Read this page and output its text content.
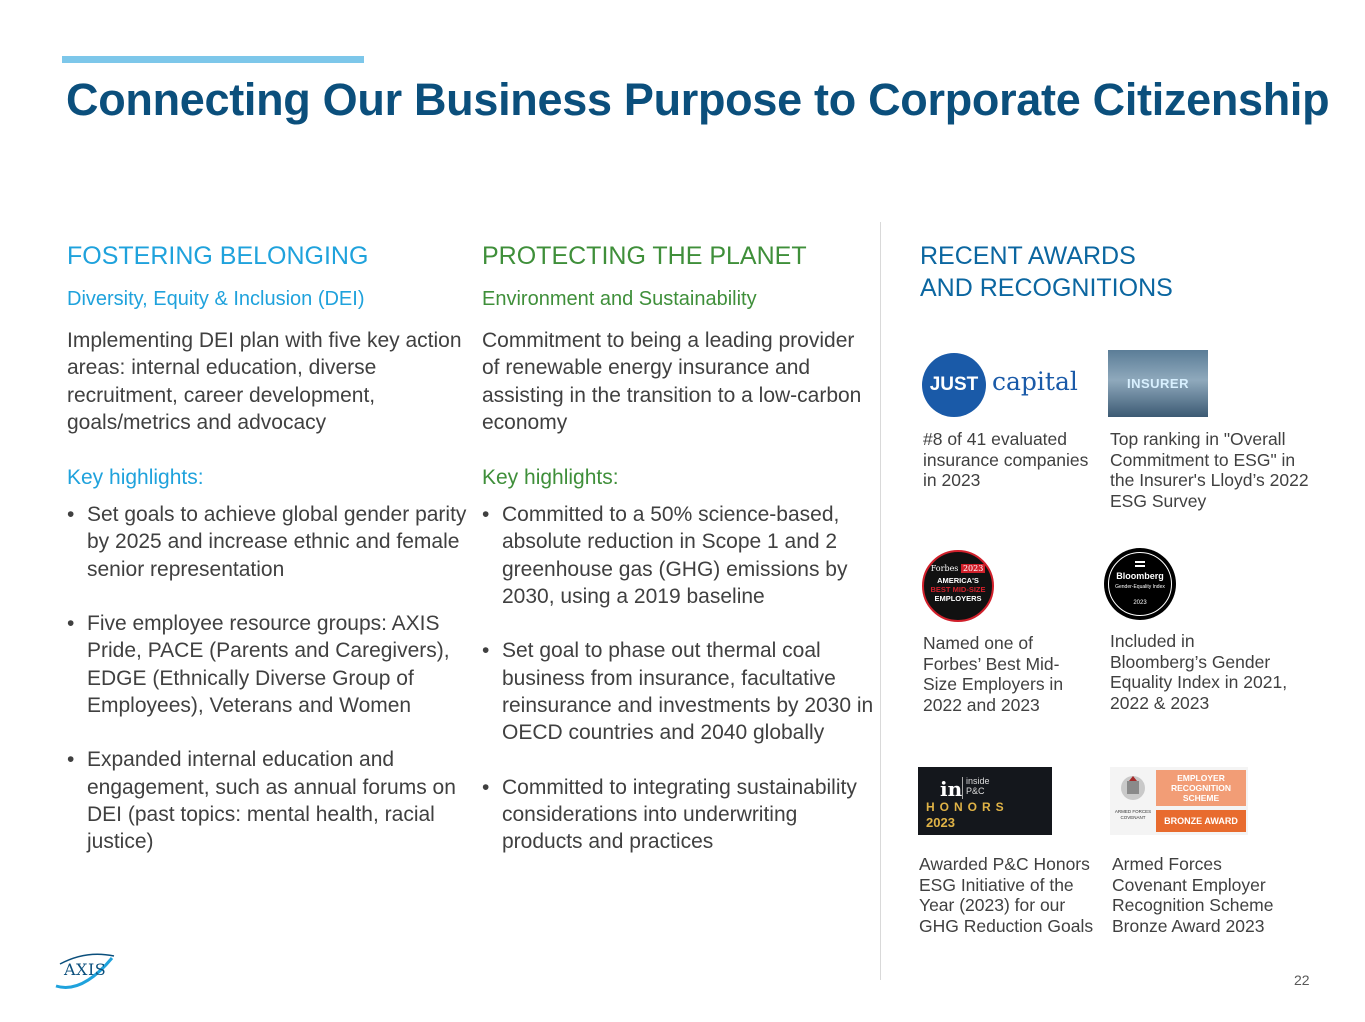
Connecting Our Business Purpose to Corporate Citizenship

FOSTERING BELONGING

Diversity, Equity & Inclusion (DEI)

Implementing DEI plan with five key action areas: internal education, diverse recruitment, career development, goals/metrics and advocacy

Key highlights:

• Set goals to achieve global gender parity by 2025 and increase ethnic and female senior representation
• Five employee resource groups: AXIS Pride, PACE (Parents and Caregivers), EDGE (Ethnically Diverse Group of Employees), Veterans and Women
• Expanded internal education and engagement, such as annual forums on DEI (past topics: mental health, racial justice)

PROTECTING THE PLANET

Environment and Sustainability

Commitment to being a leading provider of renewable energy insurance and assisting in the transition to a low-carbon economy

Key highlights:

• Committed to a 50% science-based, absolute reduction in Scope 1 and 2 greenhouse gas (GHG) emissions by 2030, using a 2019 baseline
• Set goal to phase out thermal coal business from insurance, facultative reinsurance and investments by 2030 in OECD countries and 2040 globally
• Committed to integrating sustainability considerations into underwriting products and practices

RECENT AWARDS
AND RECOGNITIONS

JUST capital

#8 of 41 evaluated insurance companies in 2023

INSURER

Top ranking in "Overall Commitment to ESG" in the Insurer's Lloyd’s 2022 ESG Survey

Forbes 2023
AMERICA'S
BEST MID-SIZE
EMPLOYERS

Named one of Forbes’ Best Mid-Size Employers in 2022 and 2023

Bloomberg
Gender-Equality Index
2023

Included in Bloomberg’s Gender Equality Index in 2021, 2022 & 2023

in inside
P&C
HONORS
2023

Awarded P&C Honors ESG Initiative of the Year (2023) for our GHG Reduction Goals

ARMED FORCES COVENANT
EMPLOYER RECOGNITION SCHEME
BRONZE AWARD

Armed Forces Covenant Employer Recognition Scheme Bronze Award 2023

AXIS
22
